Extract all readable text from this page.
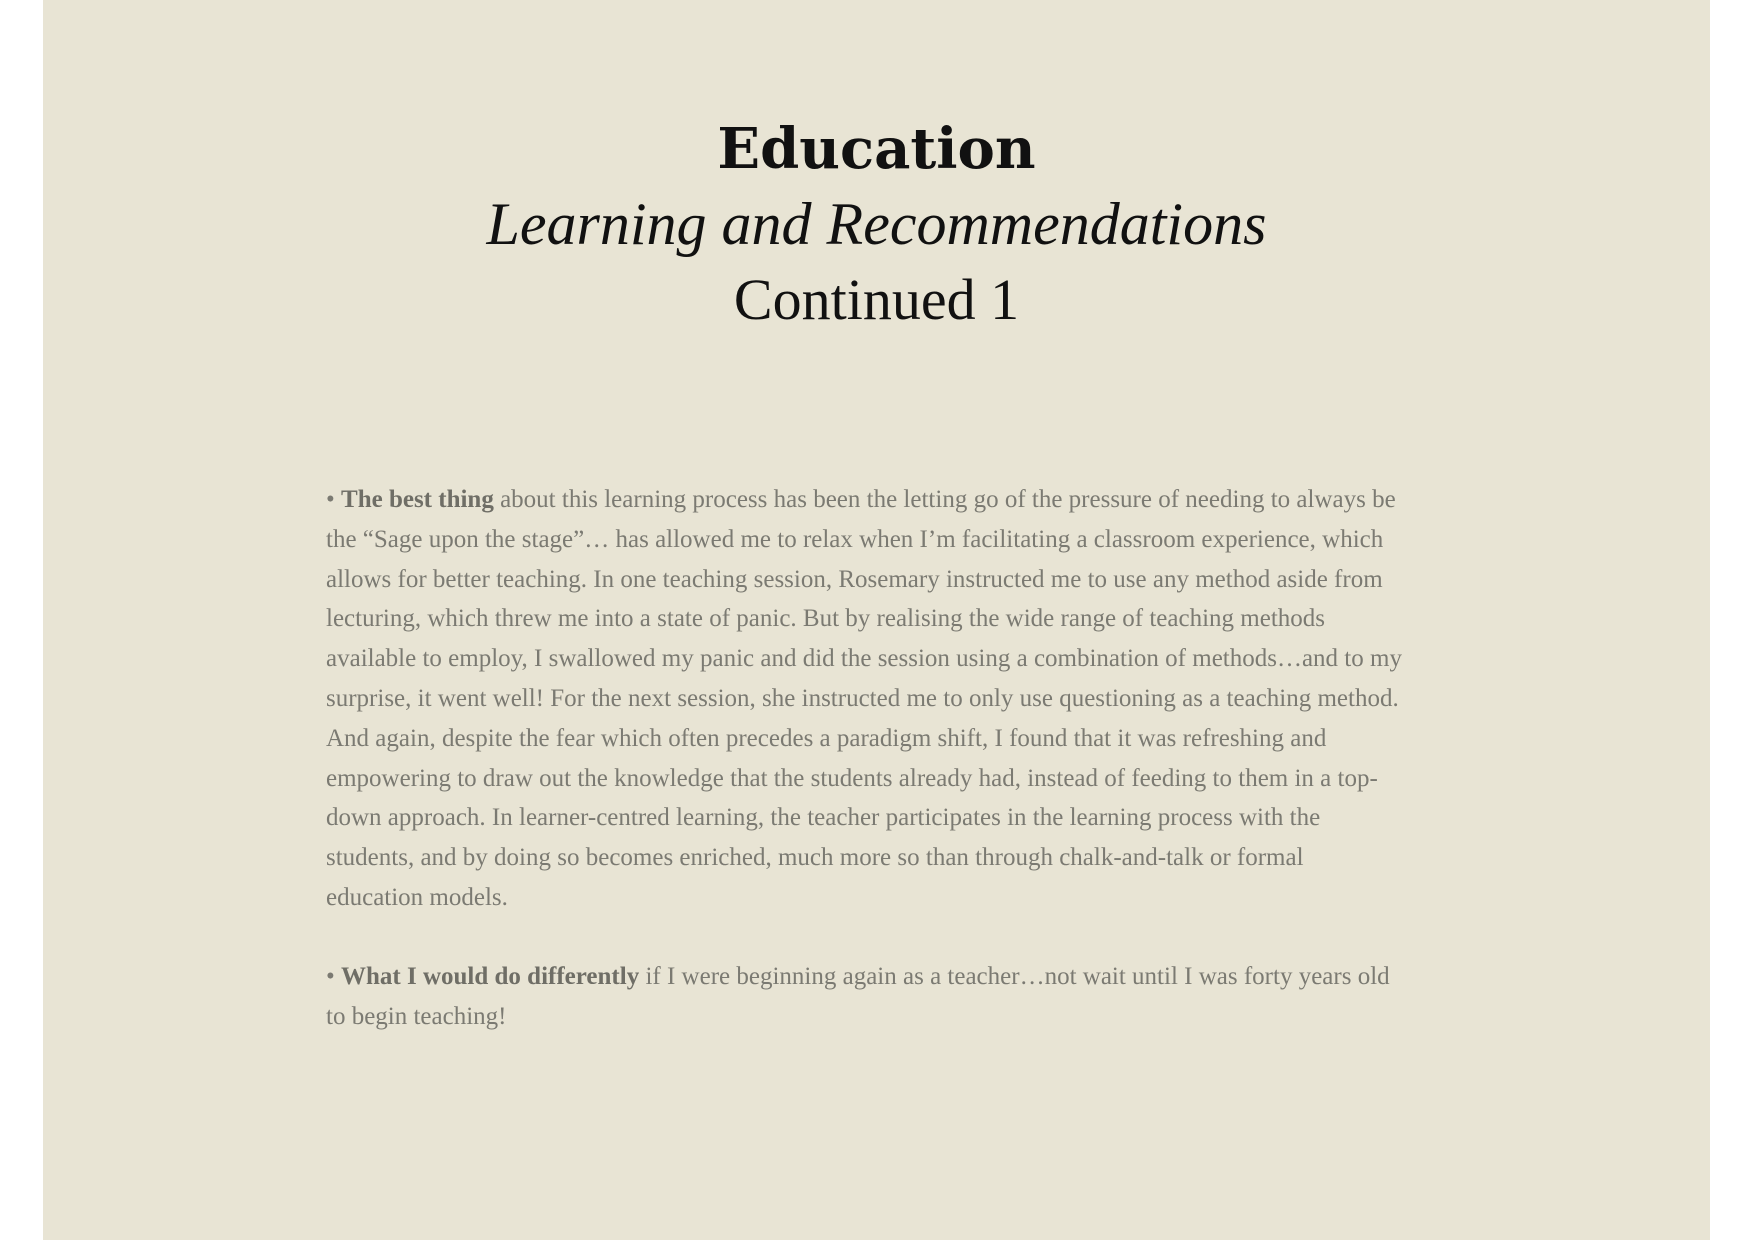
Education
Learning and Recommendations
Continued 1

• The best thing about this learning process has been the letting go of the pressure of needing to always be the “Sage upon the stage”… has allowed me to relax when I’m facilitating a classroom experience, which allows for better teaching. In one teaching session, Rosemary instructed me to use any method aside from lecturing, which threw me into a state of panic. But by realising the wide range of teaching methods available to employ, I swallowed my panic and did the session using a combination of methods…and to my surprise, it went well! For the next session, she instructed me to only use questioning as a teaching method. And again, despite the fear which often precedes a paradigm shift, I found that it was refreshing and empowering to draw out the knowledge that the students already had, instead of feeding to them in a top-down approach. In learner-centred learning, the teacher participates in the learning process with the students, and by doing so becomes enriched, much more so than through chalk-and-talk or formal education models.

• What I would do differently if I were beginning again as a teacher…not wait until I was forty years old to begin teaching!
